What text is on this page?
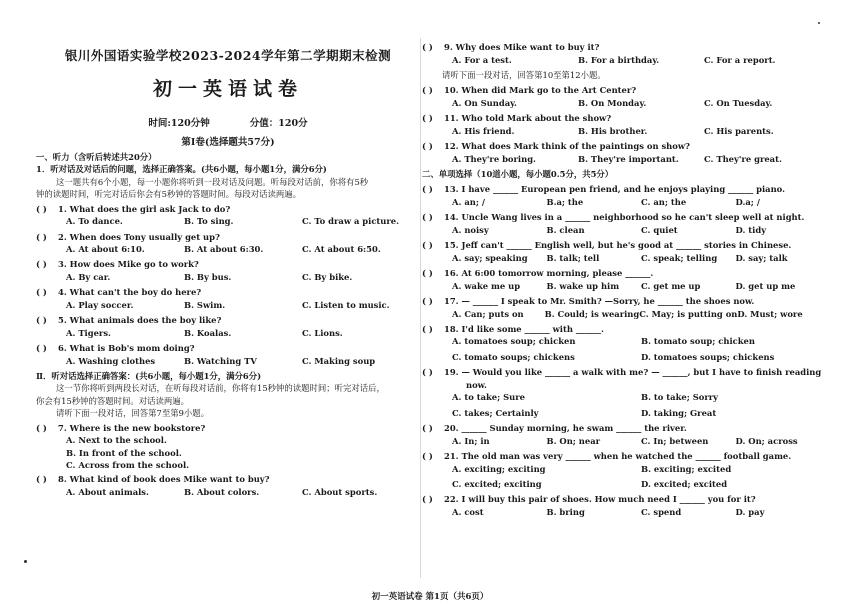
银川外国语实验学校2023-2024学年第二学期期末检测
初一英语试卷
时间:120分钟	分值：120分
第Ⅰ卷(选择题共57分)
一、听力（含听后转述共20分）
1．听对话及对话后的问题，选择正确答案。(共6小题，每小题1分，满分6分)
这一题共有6个小题，每一小题你将听到一段对话及问题。听每段对话前，你将有5秒
钟的读题时间，听完对话后你会有5秒钟的答题时间。每段对话读两遍。
( ) 1. What does the girl ask Jack to do?
A. To dance.	B. To sing.	C. To draw a picture.
( ) 2. When does Tony usually get up?
A. At about 6:10.	B. At about 6:30.	C. At about 6:50.
( ) 3. How does Mike go to work?
A. By car.	B. By bus.	C. By bike.
( ) 4. What can't the boy do here?
A. Play soccer.	B. Swim.	C. Listen to music.
( ) 5. What animals does the boy like?
A. Tigers.	B. Koalas.	C. Lions.
( ) 6. What is Bob's mom doing?
A. Washing clothes	B. Watching TV	C. Making soup
Ⅱ．听对话选择正确答案：(共6小题，每小题1分，满分6分)
这一节你将听到两段长对话，在听每段对话前，你将有15秒钟的读题时间；听完对话后，
你会有15秒钟的答题时间。对话读两遍。
请听下面一段对话，回答第7至第9小题。
( ) 7. Where is the new bookstore?
A. Next to the school.
B. In front of the school.
C. Across from the school.
( ) 8. What kind of book does Mike want to buy?
A. About animals.	B. About colors.	C. About sports.
( ) 9. Why does Mike want to buy it?
A. For a test.	B. For a birthday.	C. For a report.
请听下面一段对话，回答第10至第12小题。
( ) 10. When did Mark go to the Art Center?
A. On Sunday.	B. On Monday.	C. On Tuesday.
( ) 11. Who told Mark about the show?
A. His friend.	B. His brother.	C. His parents.
( ) 12. What does Mark think of the paintings on show?
A. They're boring.	B. They're important.	C. They're great.
二、单项选择（10道小题，每小题0.5分，共5分）
( ) 13. I have ______ European pen friend, and he enjoys playing ______ piano.
A. an; /	B.a; the	C. an; the	D.a; /
( ) 14. Uncle Wang lives in a ______ neighborhood so he can't sleep well at night.
A. noisy	B. clean	C. quiet	D. tidy
( ) 15. Jeff can't ______ English well, but he's good at ______ stories in Chinese.
A. say; speaking	B. talk; tell	C. speak; telling	D. say; talk
( ) 16. At 6:00 tomorrow morning, please ______.
A. wake me up	B. wake up him	C. get me up	D. get up me
( ) 17. — ______ I speak to Mr. Smith? —Sorry, he ______ the shoes now.
A. Can; puts on	B. Could; is wearing C. May; is putting on D. Must; wore
( ) 18. I'd like some ______ with ______.
A. tomatoes soup; chicken	B. tomato soup; chicken
C. tomato soups; chickens	D. tomatoes soups; chickens
( ) 19. — Would you like ______ a walk with me? — ______, but I have to finish reading
now.
A. to take; Sure	B. to take; Sorry
C. takes; Certainly	D. taking; Great
( ) 20. ______ Sunday morning, he swam ______ the river.
A. In; in	B. On; near	C. In; between	D. On; across
( ) 21. The old man was very ______ when he watched the ______ football game.
A. exciting; exciting	B. exciting; excited
C. excited; exciting	D. excited; excited
( ) 22. I will buy this pair of shoes. How much need I ______ you for it?
A. cost	B. bring	C. spend	D. pay
初一英语试卷 第1页（共6页）
